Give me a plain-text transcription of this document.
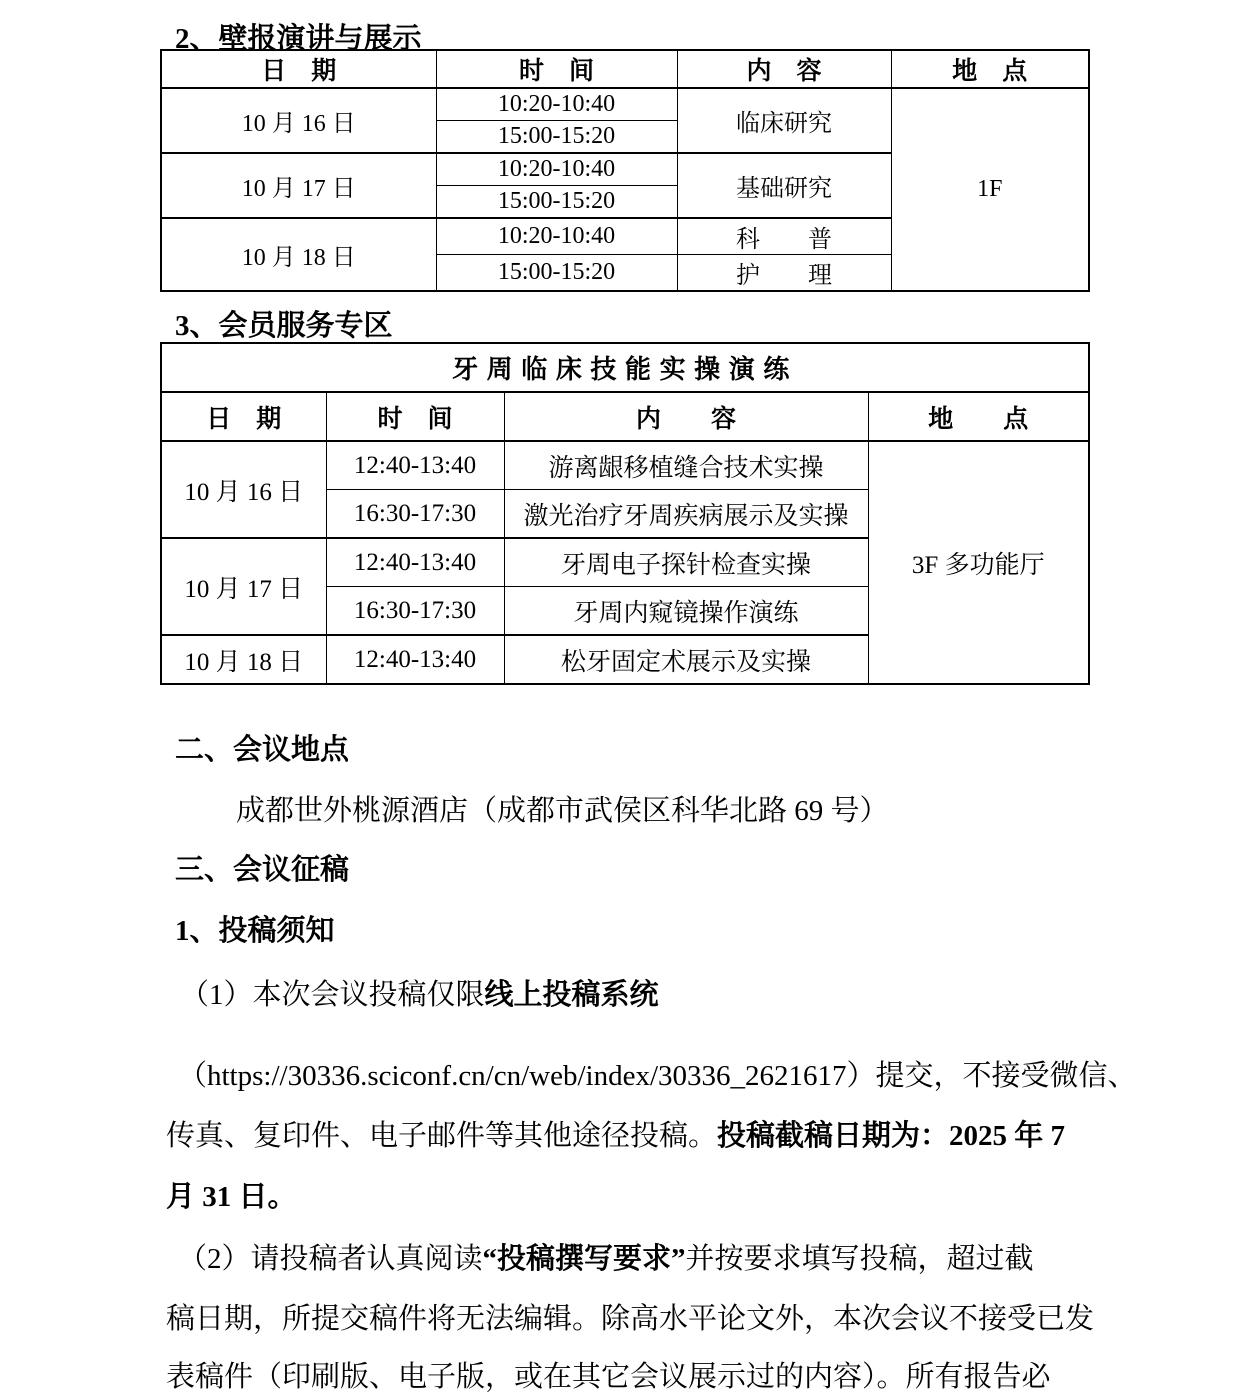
2、壁报演讲与展示
日　期	时　间	内　容	地　点
10 月 16 日	10:20-10:40	临床研究	1F
	15:00-15:20		
10 月 17 日	10:20-10:40	基础研究	
	15:00-15:20		
10 月 18 日	10:20-10:40	科　　普	
	15:00-15:20	护　　理	
3、会员服务专区
牙周临床技能实操演练			
日　期	时　间	内　　容	地　　点
10 月 16 日	12:40-13:40	游离龈移植缝合技术实操	3F 多功能厅
	16:30-17:30	激光治疗牙周疾病展示及实操	
10 月 17 日	12:40-13:40	牙周电子探针检查实操	
	16:30-17:30	牙周内窥镜操作演练	
10 月 18 日	12:40-13:40	松牙固定术展示及实操	
二、会议地点
成都世外桃源酒店（成都市武侯区科华北路 69 号）
三、会议征稿
1、投稿须知
（1）本次会议投稿仅限线上投稿系统
（https://30336.sciconf.cn/cn/web/index/30336_2621617）提交，不接受微信、
传真、复印件、电子邮件等其他途径投稿。投稿截稿日期为：2025 年 7
月 31 日。
（2）请投稿者认真阅读“投稿撰写要求”并按要求填写投稿，超过截
稿日期，所提交稿件将无法编辑。除高水平论文外，本次会议不接受已发
表稿件（印刷版、电子版，或在其它会议展示过的内容）。所有报告必
